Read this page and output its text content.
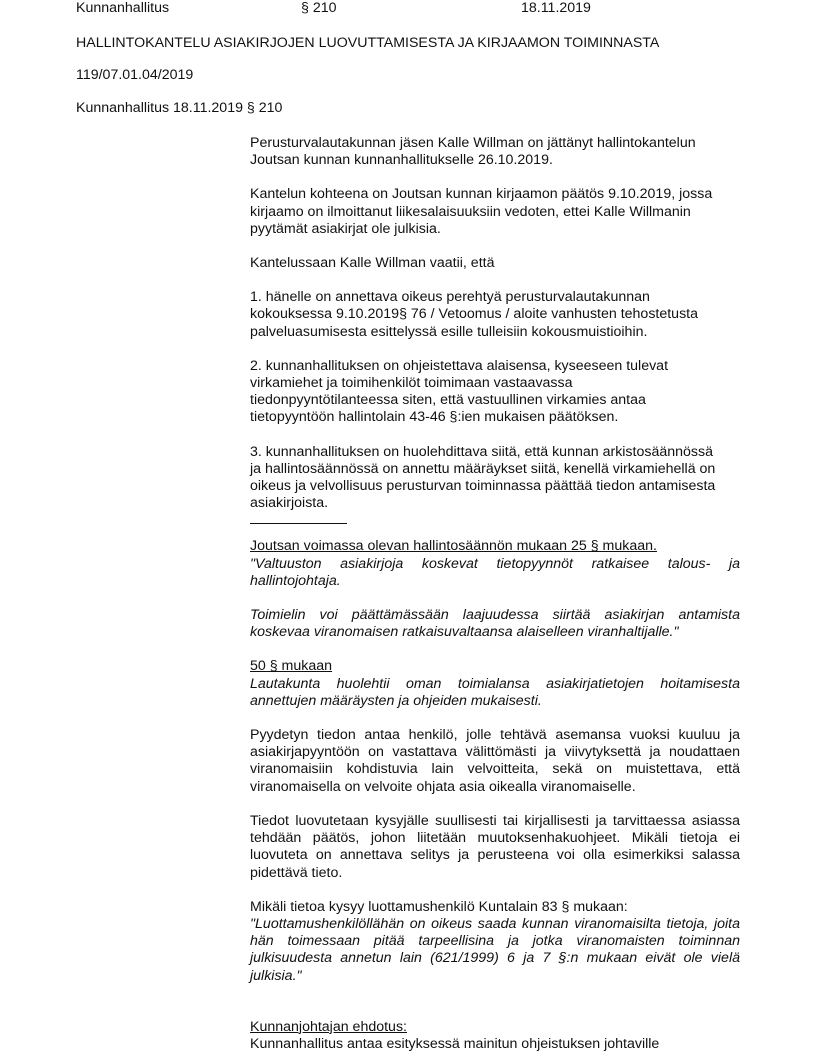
Kunnanhallitus	§ 210	18.11.2019
HALLINTOKANTELU ASIAKIRJOJEN LUOVUTTAMISESTA JA KIRJAAMON TOIMINNASTA
119/07.01.04/2019
Kunnanhallitus 18.11.2019 § 210
Perusturvalautakunnan jäsen Kalle Willman on jättänyt hallintokantelun
Joutsan kunnan kunnanhallitukselle 26.10.2019.
Kantelun kohteena on Joutsan kunnan kirjaamon päätös 9.10.2019, jossa
kirjaamo on ilmoittanut liikesalaisuuksiin vedoten, ettei Kalle Willmanin
pyytämät asiakirjat ole julkisia.
Kantelussaan Kalle Willman vaatii, että
1. hänelle on annettava oikeus perehtyä perusturvalautakunnan
kokouksessa 9.10.2019§ 76 / Vetoomus / aloite vanhusten tehostetusta
palveluasumisesta esittelyssä esille tulleisiin kokousmuistioihin.
2. kunnanhallituksen on ohjeistettava alaisensa, kyseeseen tulevat
virkamiehet ja toimihenkilöt toimimaan vastaavassa
tiedonpyyntötilanteessa siten, että vastuullinen virkamies antaa
tietopyyntöön hallintolain 43-46 §:ien mukaisen päätöksen.
3. kunnanhallituksen on huolehdittava siitä, että kunnan arkistosäännössä
ja hallintosäännössä on annettu määräykset siitä, kenellä virkamiehellä on
oikeus ja velvollisuus perusturvan toiminnassa päättää tiedon antamisesta
asiakirjoista.
Joutsan voimassa olevan hallintosäännön mukaan 25 § mukaan.
"Valtuuston asiakirjoja koskevat tietopyynnöt ratkaisee talous- ja hallintojohtaja.
Toimielin voi päättämässään laajuudessa siirtää asiakirjan antamista koskevaa viranomaisen ratkaisuvaltaansa alaiselleen viranhaltijalle."
50 § mukaan
Lautakunta huolehtii oman toimialansa asiakirjatietojen hoitamisesta annettujen määräysten ja ohjeiden mukaisesti.
Pyydetyn tiedon antaa henkilö, jolle tehtävä asemansa vuoksi kuuluu ja asiakirjapyyntöön on vastattava välittömästi ja viivytyksettä ja noudattaen viranomaisiin kohdistuvia lain velvoitteita, sekä on muistettava, että viranomaisella on velvoite ohjata asia oikealla viranomaiselle.
Tiedot luovutetaan kysyjälle suullisesti tai kirjallisesti ja tarvittaessa asiassa tehdään päätös, johon liitetään muutoksenhakuohjeet. Mikäli tietoja ei luovuteta on annettava selitys ja perusteena voi olla esimerkiksi salassa pidettävä tieto.
Mikäli tietoa kysyy luottamushenkilö Kuntalain 83 § mukaan:
"Luottamushenkilöllähän on oikeus saada kunnan viranomaisilta tietoja, joita hän toimessaan pitää tarpeellisina ja jotka viranomaisten toiminnan julkisuudesta annetun lain (621/1999) 6 ja 7 §:n mukaan eivät ole vielä julkisia."
Kunnanjohtajan ehdotus:
Kunnanhallitus antaa esityksessä mainitun ohjeistuksen johtaville
